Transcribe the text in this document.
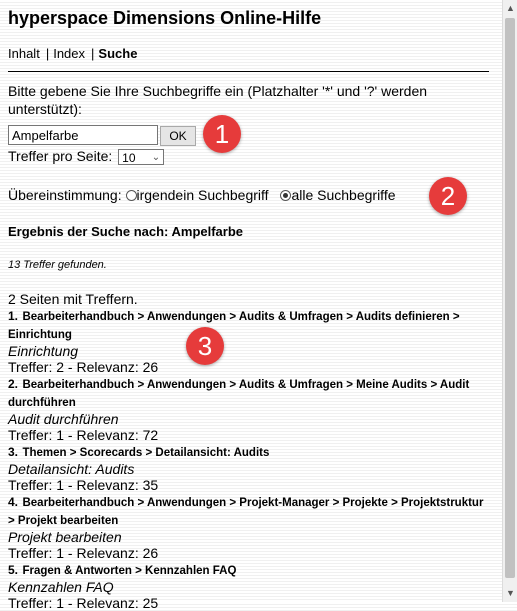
hyperspace Dimensions Online-Hilfe
Inhalt | Index | Suche
Bitte gebene Sie Ihre Suchbegriffe ein (Platzhalter '*' und '?' werden unterstützt):
Ampelfarbe
OK
Treffer pro Seite: 10 ⌄
Übereinstimmung: irgendein Suchbegriff alle Suchbegriffe
Ergebnis der Suche nach: Ampelfarbe
13 Treffer gefunden.
2 Seiten mit Treffern.
1. Bearbeiterhandbuch > Anwendungen > Audits & Umfragen > Audits definieren > Einrichtung
Einrichtung
Treffer: 2 - Relevanz: 26
2. Bearbeiterhandbuch > Anwendungen > Audits & Umfragen > Meine Audits > Audit durchführen
Audit durchführen
Treffer: 1 - Relevanz: 72
3. Themen > Scorecards > Detailansicht: Audits
Detailansicht: Audits
Treffer: 1 - Relevanz: 35
4. Bearbeiterhandbuch > Anwendungen > Projekt-Manager > Projekte > Projektstruktur > Projekt bearbeiten
Projekt bearbeiten
Treffer: 1 - Relevanz: 26
5. Fragen & Antworten > Kennzahlen FAQ
Kennzahlen FAQ
Treffer: 1 - Relevanz: 25
1
2
3
▲
▼
